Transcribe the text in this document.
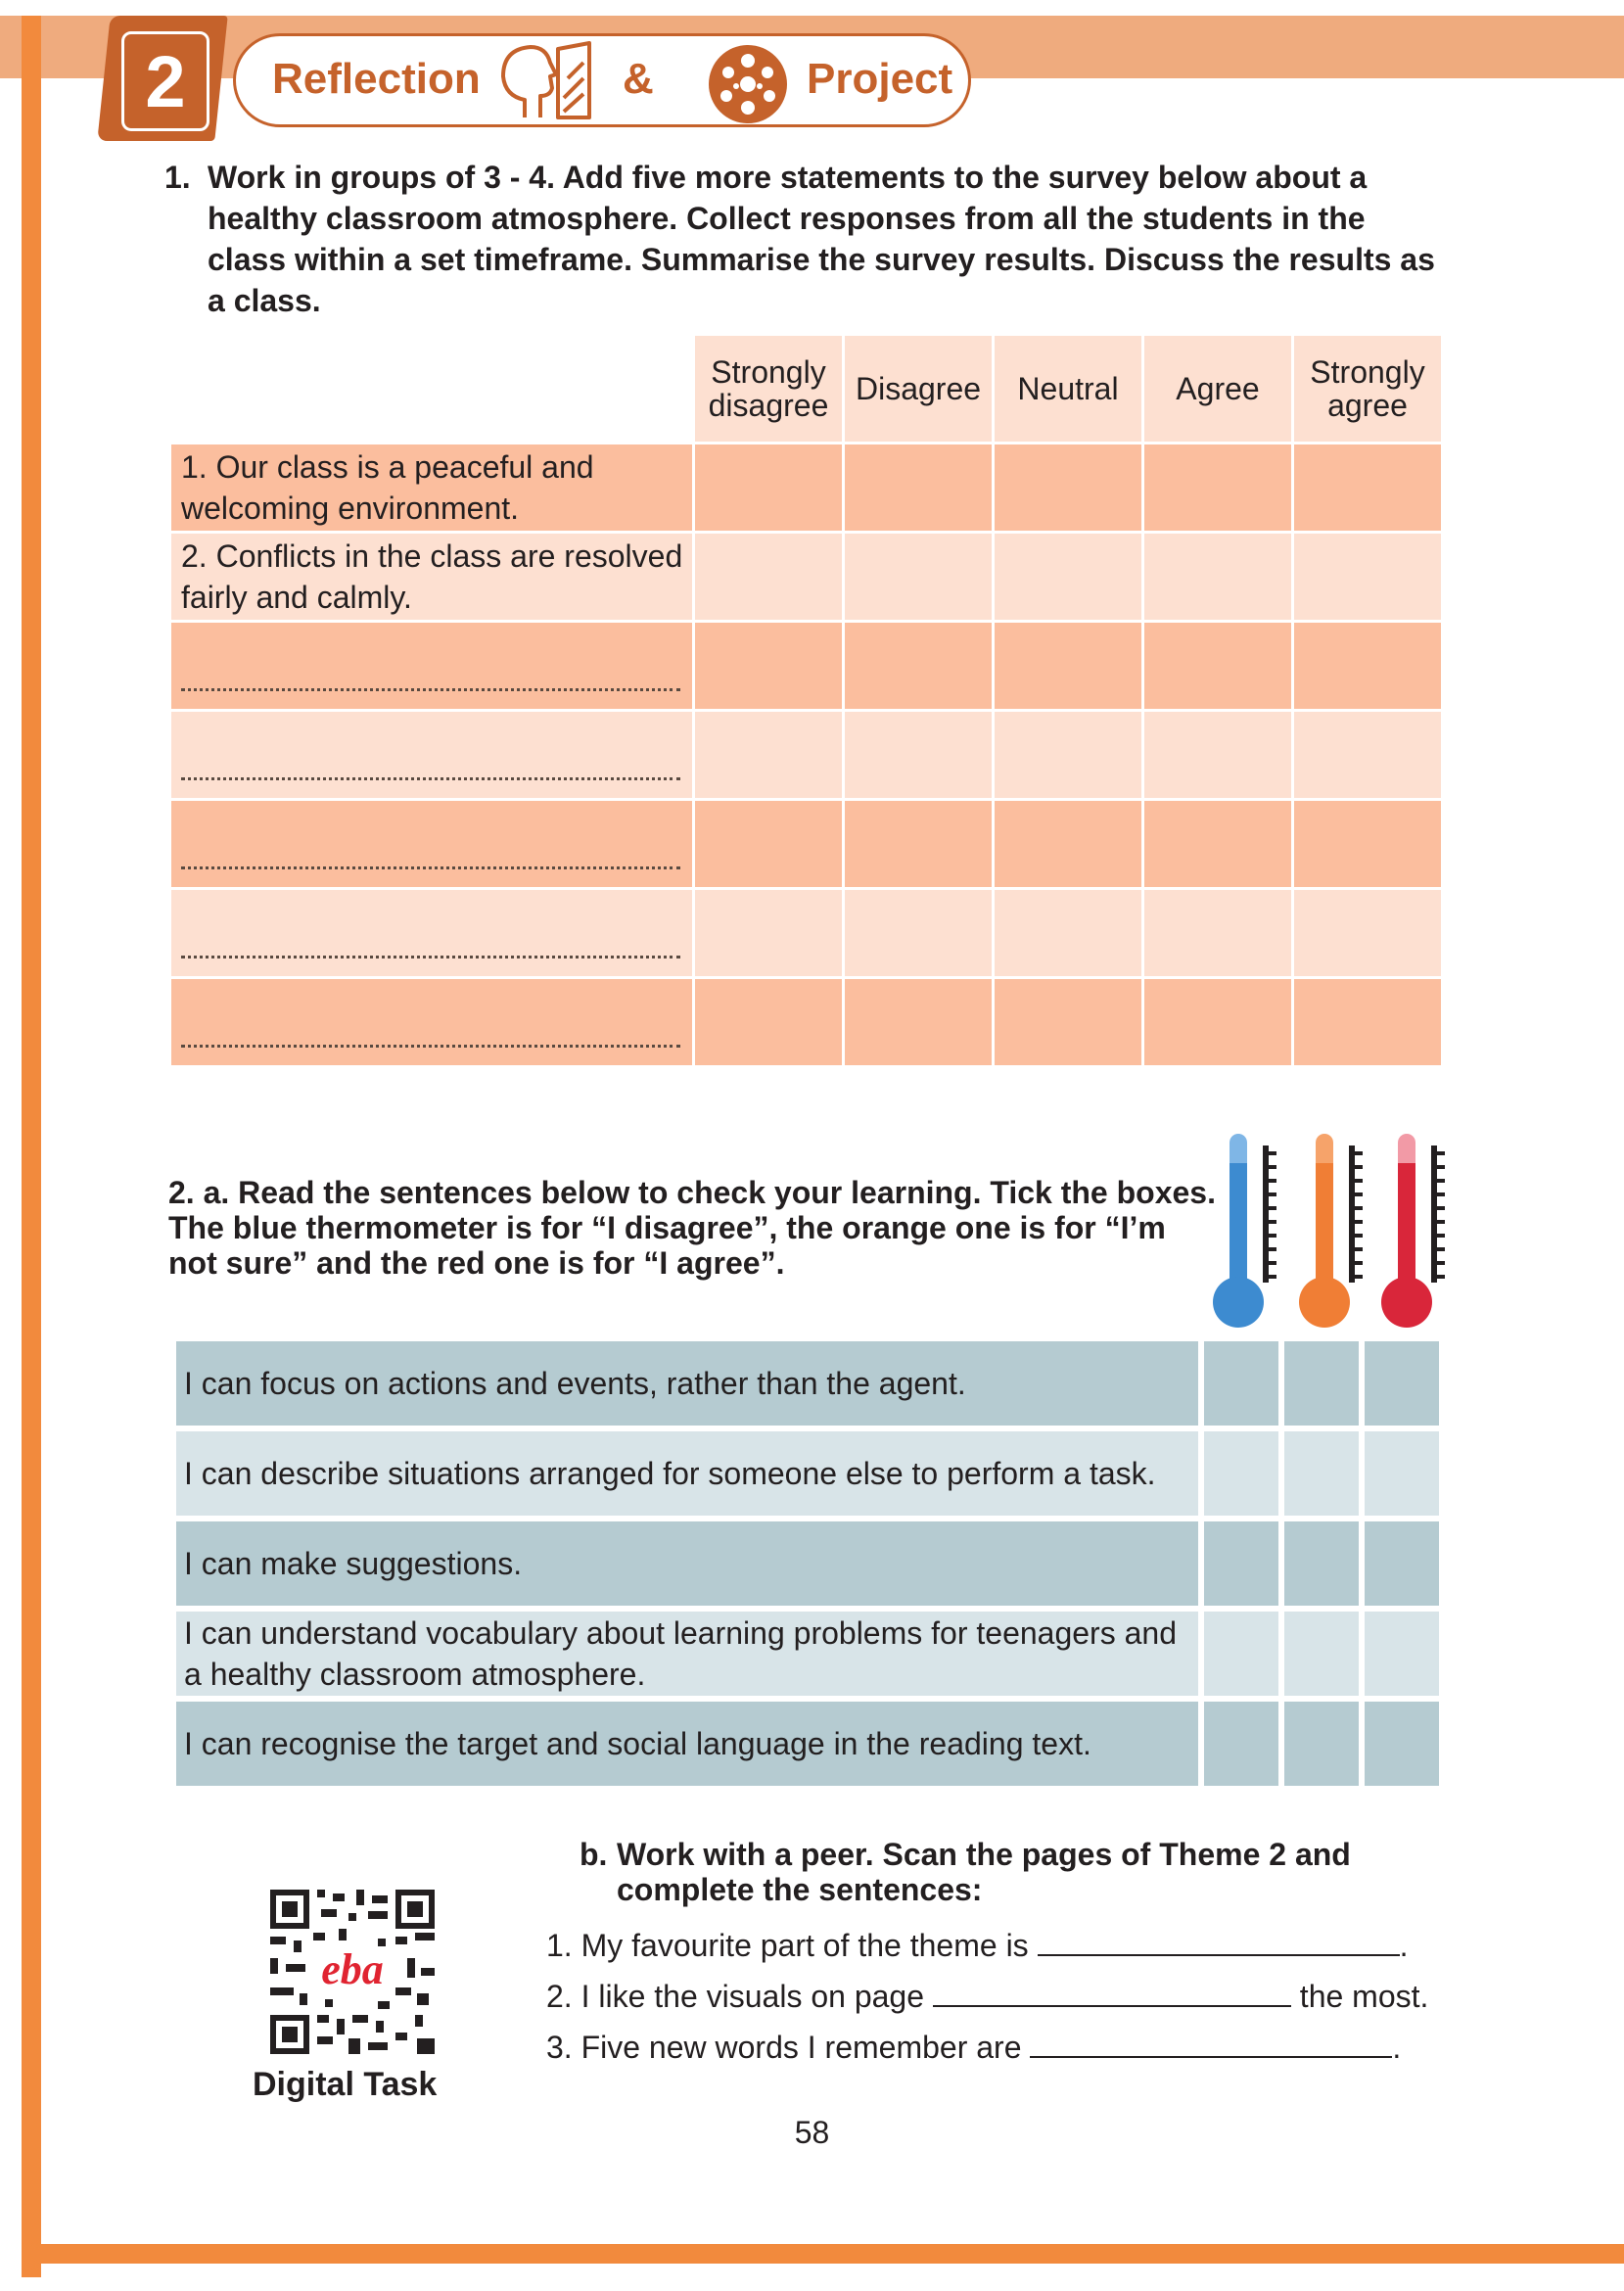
2 Reflection	&	Project
1. Work in groups of 3 - 4. Add five more statements to the survey below about a healthy classroom atmosphere. Collect responses from all the students in the class within a set timeframe. Summarise the survey results. Discuss the results as a class.
	Strongly disagree	Disagree	Neutral	Agree	Strongly agree
1. Our class is a peaceful and welcoming environment.					
2. Conflicts in the class are resolved fairly and calmly.					

2. a. Read the sentences below to check your learning. Tick the boxes. The blue thermometer is for “I disagree”, the orange one is for “I’m not sure” and the red one is for “I agree”.
I can focus on actions and events, rather than the agent.			
I can describe situations arranged for someone else to perform a task.			
I can make suggestions.			
I can understand vocabulary about learning problems for teenagers and a healthy classroom atmosphere.			
I can recognise the target and social language in the reading text.			
b. Work with a peer. Scan the pages of Theme 2 and complete the sentences:
1. My favourite part of the theme is	.
2. I like the visuals on page	the most.
3. Five new words I remember are	.
eba
Digital Task
58
